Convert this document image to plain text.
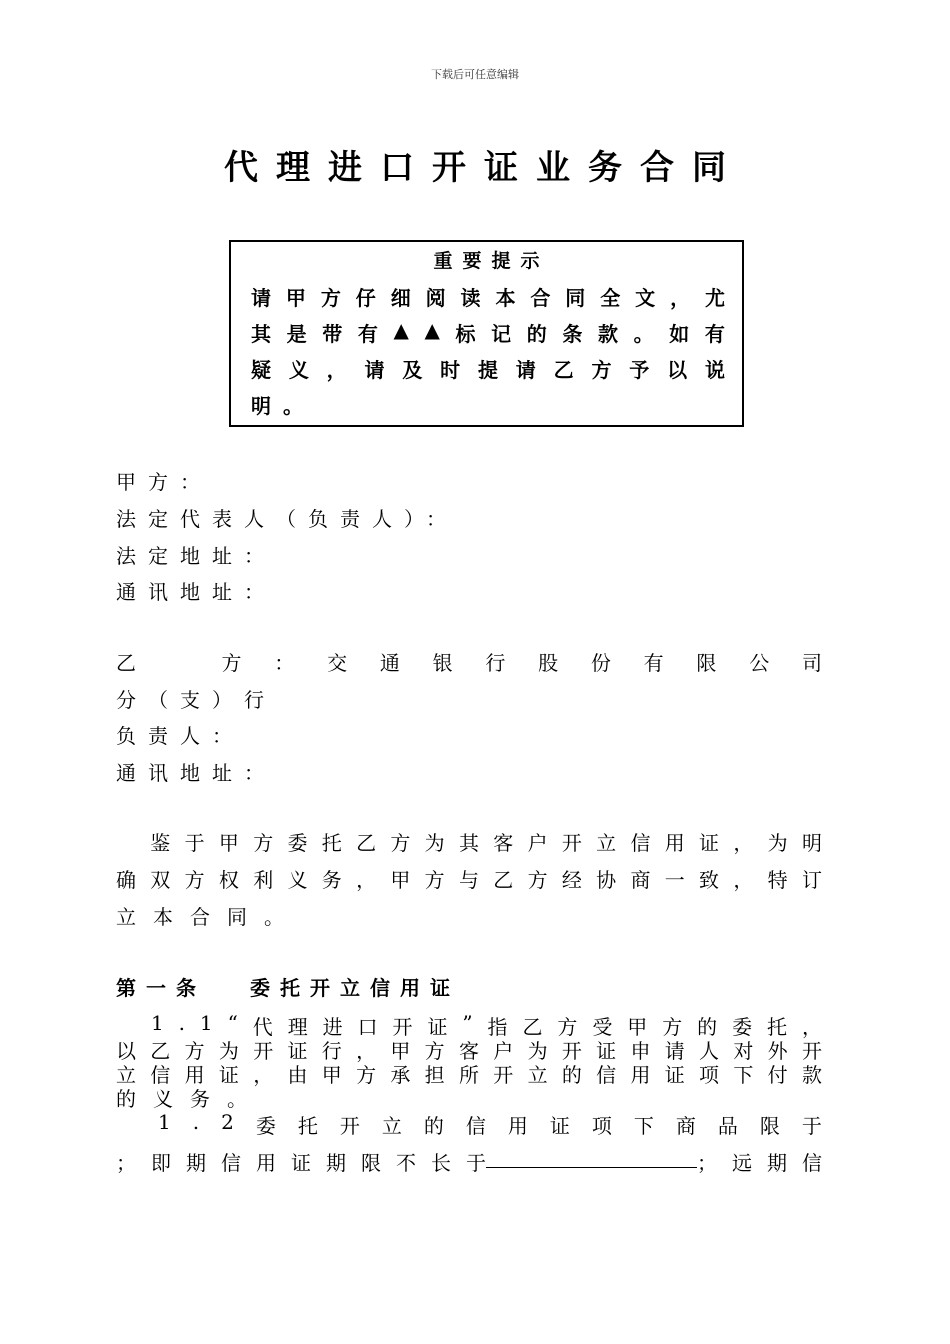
下载后可任意编辑
代理进口开证业务合同
重要提示
请 甲 方 仔 细 阅 读 本 合 同 全 文 ， 尤
其 是 带 有 ▲ ▲ 标 记 的 条 款 。 如 有
疑 义 ， 请 及 时 提 请 乙 方 予 以 说
明 。
甲方：
法定代表人（负责人）：
法定地址：
通讯地址：
乙
　	方 ： 交 通 银 行 股 份 有 限 公 司
分（支）行
负责人：
通讯地址：

鉴 于 甲 方 委 托 乙 方 为 其 客 户 开 立 信 用 证 ， 为 明
确 双 方 权 利 义 务 ， 甲 方 与 乙 方 经 协 商 一 致 ， 特 订
立 本 合 同 。
第一条 委托开立信用证

1 . 1 “ 代 理 进 口 开 证 ” 指 乙 方 受 甲 方 的 委 托 ，
以 乙 方 为 开 证 行 ， 甲 方 客 户 为 开 证 申 请 人 对 外 开
立 信 用 证 ， 由 甲 方 承 担 所 开 立 的 信 用 证 项 下 付 款
的 义 务 。

1 . 2 委 托 开 立 的 信 用 证 项 下 商 品 限 于
； 即 期 信 用 证 期 限 不 长 于	； 远 期 信
